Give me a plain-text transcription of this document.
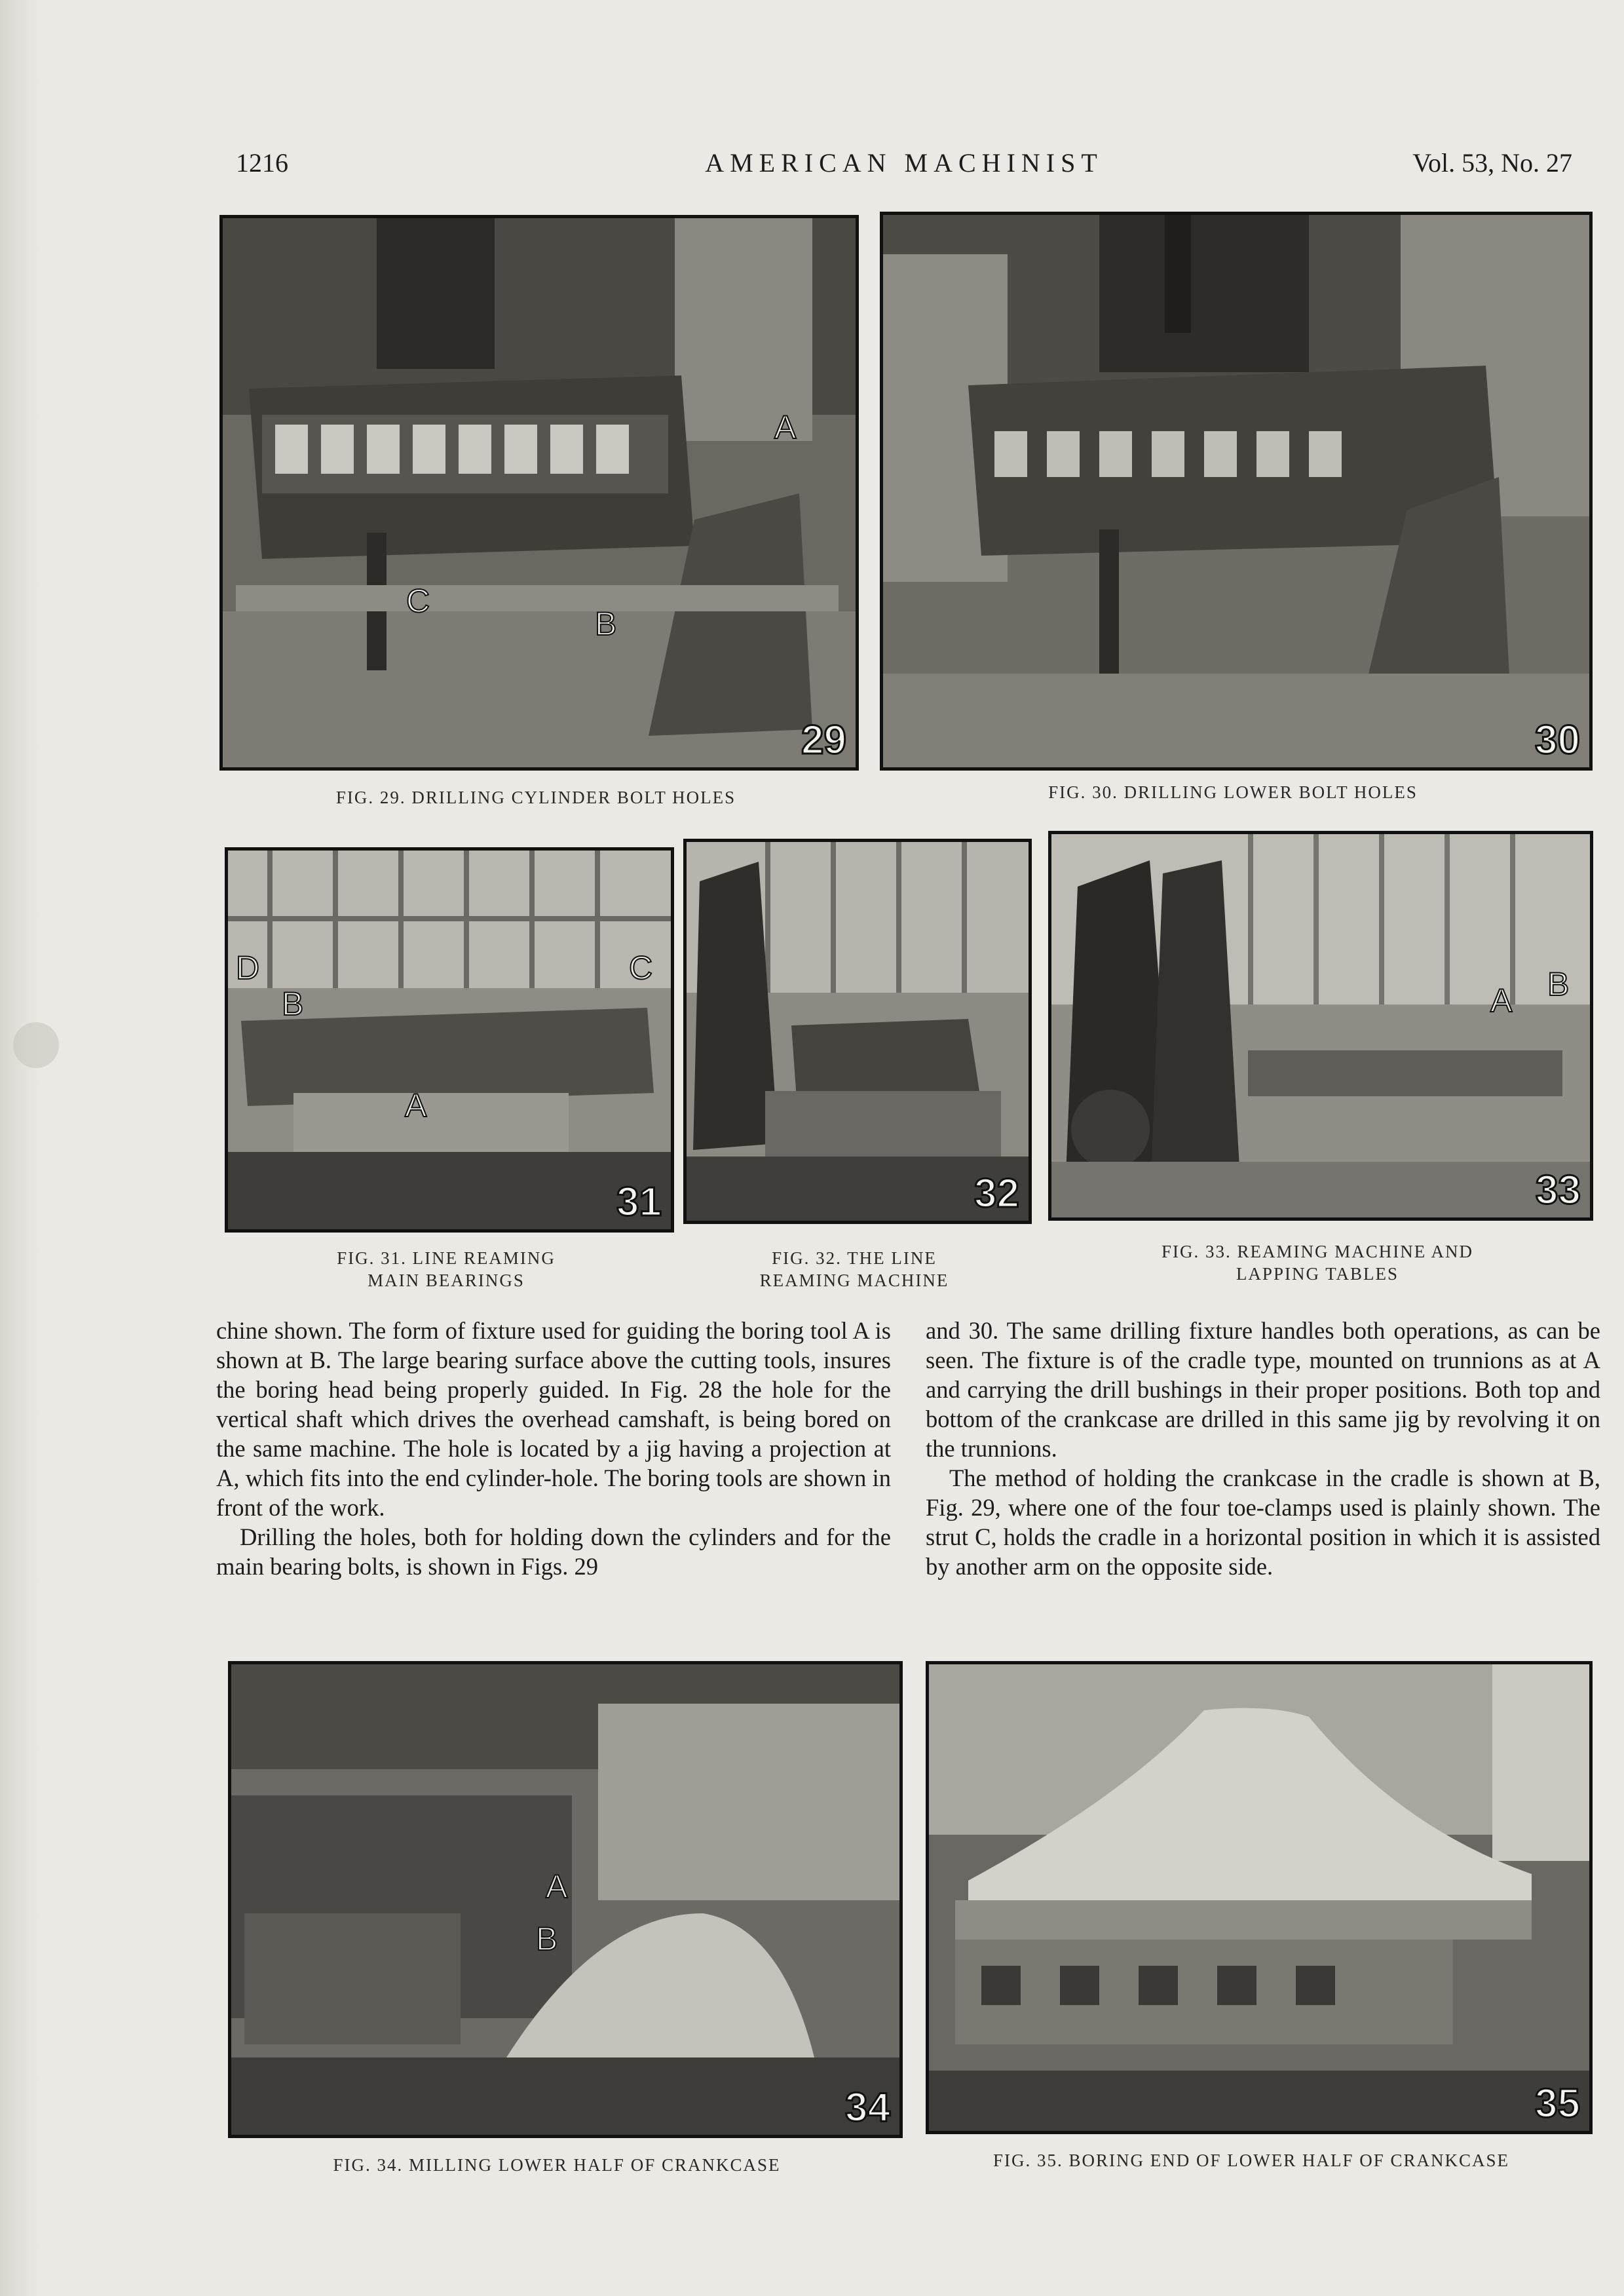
1216	AMERICAN MACHINIST	Vol. 53, No. 27
A
B
C
29
FIG. 29. DRILLING CYLINDER BOLT HOLES
30
FIG. 30. DRILLING LOWER BOLT HOLES
D
B
C
A
31
FIG. 31. LINE REAMING
MAIN BEARINGS
32
FIG. 32. THE LINE
REAMING MACHINE
A B
33
FIG. 33. REAMING MACHINE AND
LAPPING TABLES

chine shown. The form of fixture used for guiding the boring tool A is shown at B. The large bearing surface above the cutting tools, insures the boring head being properly guided. In Fig. 28 the hole for the vertical shaft which drives the overhead camshaft, is being bored on the same machine. The hole is located by a jig having a projection at A, which fits into the end cylinder-hole. The boring tools are shown in front of the work.

Drilling the holes, both for holding down the cylinders and for the main bearing bolts, is shown in Figs. 29

and 30. The same drilling fixture handles both operations, as can be seen. The fixture is of the cradle type, mounted on trunnions as at A and carrying the drill bushings in their proper positions. Both top and bottom of the crankcase are drilled in this same jig by revolving it on the trunnions.

The method of holding the crankcase in the cradle is shown at B, Fig. 29, where one of the four toe-clamps used is plainly shown. The strut C, holds the cradle in a horizontal position in which it is assisted by another arm on the opposite side.

A
B
34
FIG. 34. MILLING LOWER HALF OF CRANKCASE
35
FIG. 35. BORING END OF LOWER HALF OF CRANKCASE
